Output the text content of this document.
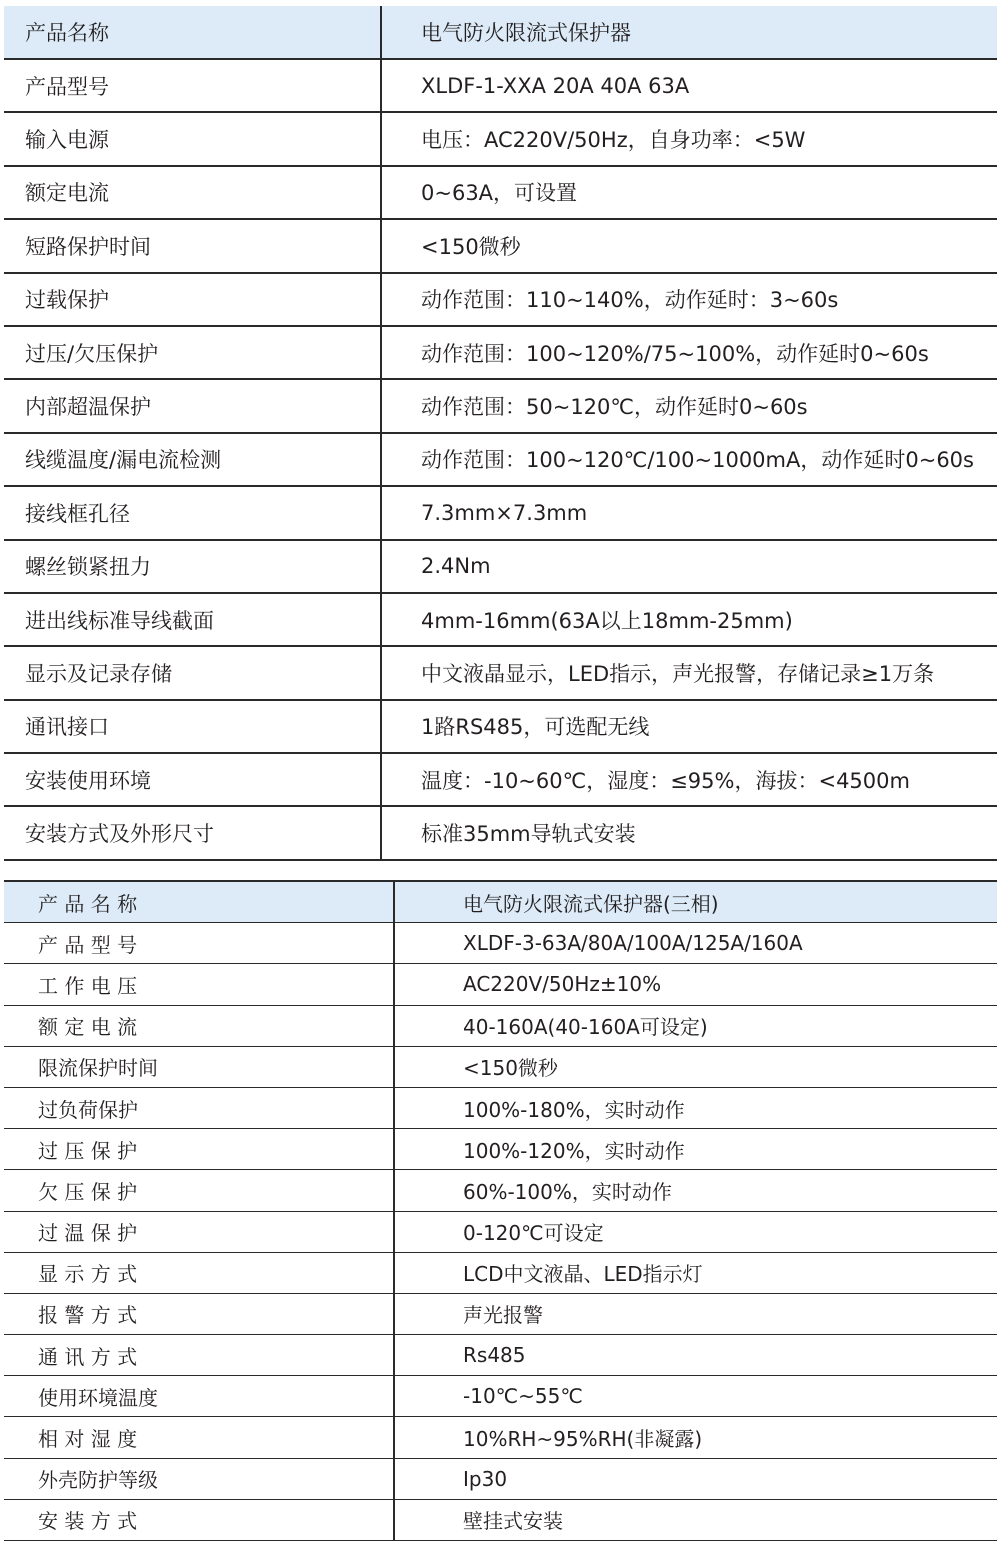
产品名称	电气防火限流式保护器
产品型号	XLDF-1-XXA 20A 40A 63A
输入电源	电压：AC220V/50Hz，自身功率：<5W
额定电流	0~63A，可设置
短路保护时间	<150微秒
过载保护	动作范围：110~140%，动作延时：3~60s
过压/欠压保护	动作范围：100~120%/75~100%，动作延时0~60s
内部超温保护	动作范围：50~120℃，动作延时0~60s
线缆温度/漏电流检测	动作范围：100~120℃/100~1000mA，动作延时0~60s
接线框孔径	7.3mm×7.3mm
螺丝锁紧扭力	2.4Nm
进出线标准导线截面	4mm-16mm(63A以上18mm-25mm)
显示及记录存储	中文液晶显示，LED指示，声光报警，存储记录≥1万条
通讯接口	1路RS485，可选配无线
安装使用环境	温度：-10~60℃，湿度：≤95%，海拔：<4500m
安装方式及外形尺寸	标准35mm导轨式安装
产 品 名 称	电气防火限流式保护器(三相)
产 品 型 号	XLDF-3-63A/80A/100A/125A/160A
工 作 电 压	AC220V/50Hz±10%
额 定 电 流	40-160A(40-160A可设定)
限流保护时间	<150微秒
过负荷保护	100%-180%，实时动作
过 压 保 护	100%-120%，实时动作
欠 压 保 护	60%-100%，实时动作
过 温 保 护	0-120℃可设定
显 示 方 式	LCD中文液晶、LED指示灯
报 警 方 式	声光报警
通 讯 方 式	Rs485
使用环境温度	-10℃~55℃
相 对 湿 度	10%RH~95%RH(非凝露)
外壳防护等级	Ip30
安 装 方 式	壁挂式安装
